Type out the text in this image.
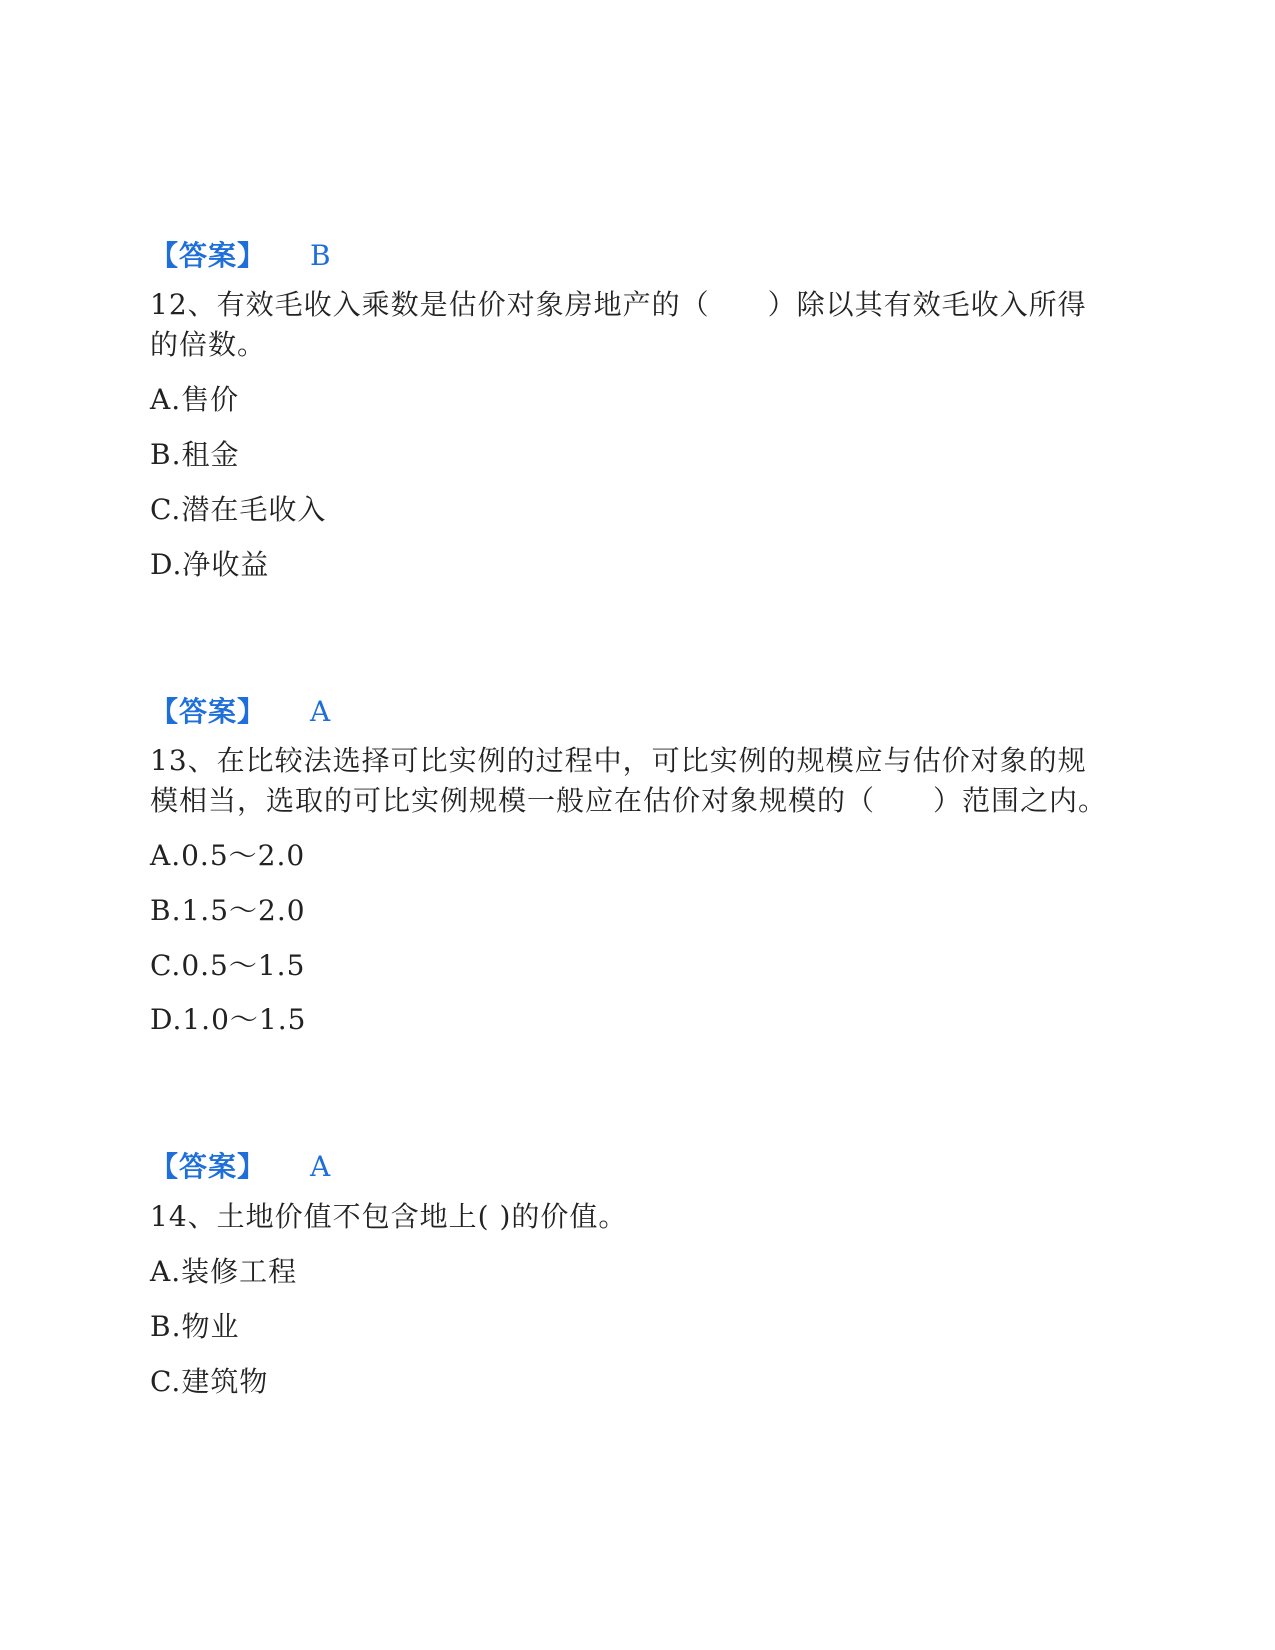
【答案】 B
12、有效毛收入乘数是估价对象房地产的（　　）除以其有效毛收入所得的倍数。
A.售价
B.租金
C.潜在毛收入
D.净收益
【答案】 A
13、在比较法选择可比实例的过程中，可比实例的规模应与估价对象的规模相当，选取的可比实例规模一般应在估价对象规模的（　　）范围之内。
A.0.5～2.0
B.1.5～2.0
C.0.5～1.5
D.1.0～1.5
【答案】 A
14、土地价值不包含地上( )的价值。
A.装修工程
B.物业
C.建筑物
